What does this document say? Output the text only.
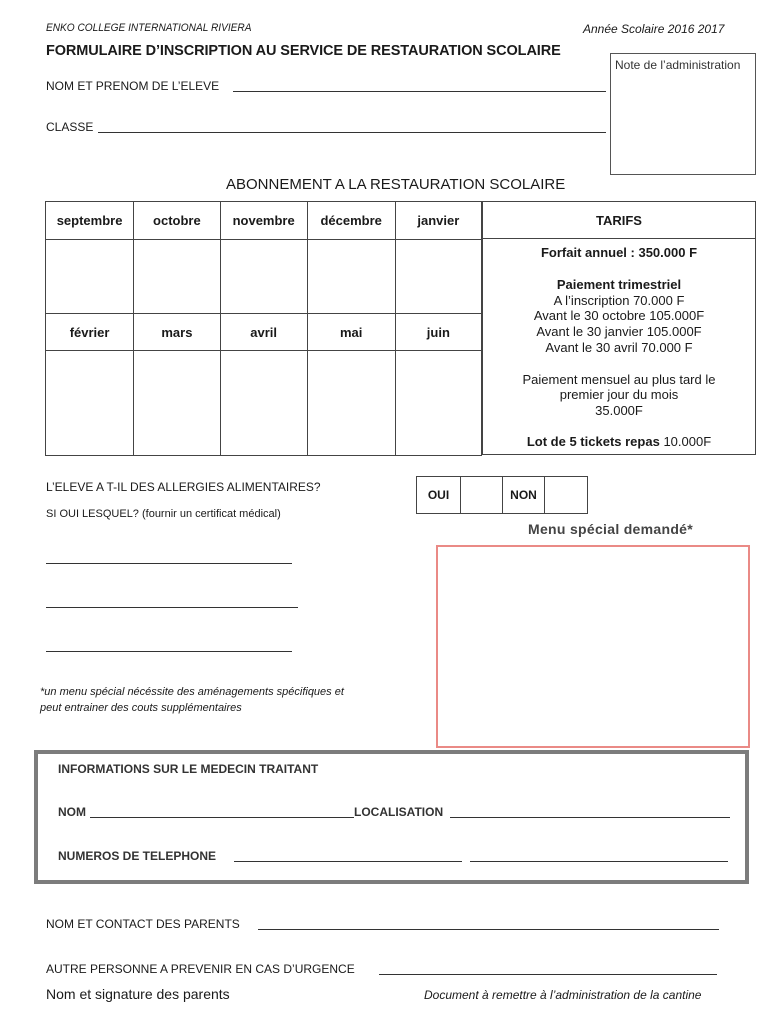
ENKO COLLEGE INTERNATIONAL RIVIERA	Année Scolaire 2016 2017
FORMULAIRE D’INSCRIPTION AU SERVICE DE RESTAURATION SCOLAIRE
Note de l’administration
NOM ET PRENOM DE L’ELEVE
CLASSE
ABONNEMENT A LA RESTAURATION SCOLAIRE
septembre	octobre	novembre	décembre	janvier

février	mars	avril	mai	juin

TARIFS
Forfait annuel : 350.000 F
Paiement trimestriel
A l’inscription 70.000 F
Avant le 30 octobre 105.000F
Avant le 30 janvier 105.000F
Avant le 30 avril 70.000 F
Paiement mensuel au plus tard le
premier jour du mois
35.000F
Lot de 5 tickets repas 10.000F
L’ELEVE A T-IL DES ALLERGIES ALIMENTAIRES?
OUI	NON
SI OUI LESQUEL? (fournir un certificat médical)
Menu spécial demandé*
*un menu spécial nécéssite des aménagements spécifiques et
peut entrainer des couts supplémentaires
INFORMATIONS SUR LE MEDECIN TRAITANT
NOM	LOCALISATION
NUMEROS DE TELEPHONE
NOM ET CONTACT DES PARENTS
AUTRE PERSONNE A PREVENIR EN CAS D’URGENCE
Nom et signature des parents	Document à remettre à l’administration de la cantine
